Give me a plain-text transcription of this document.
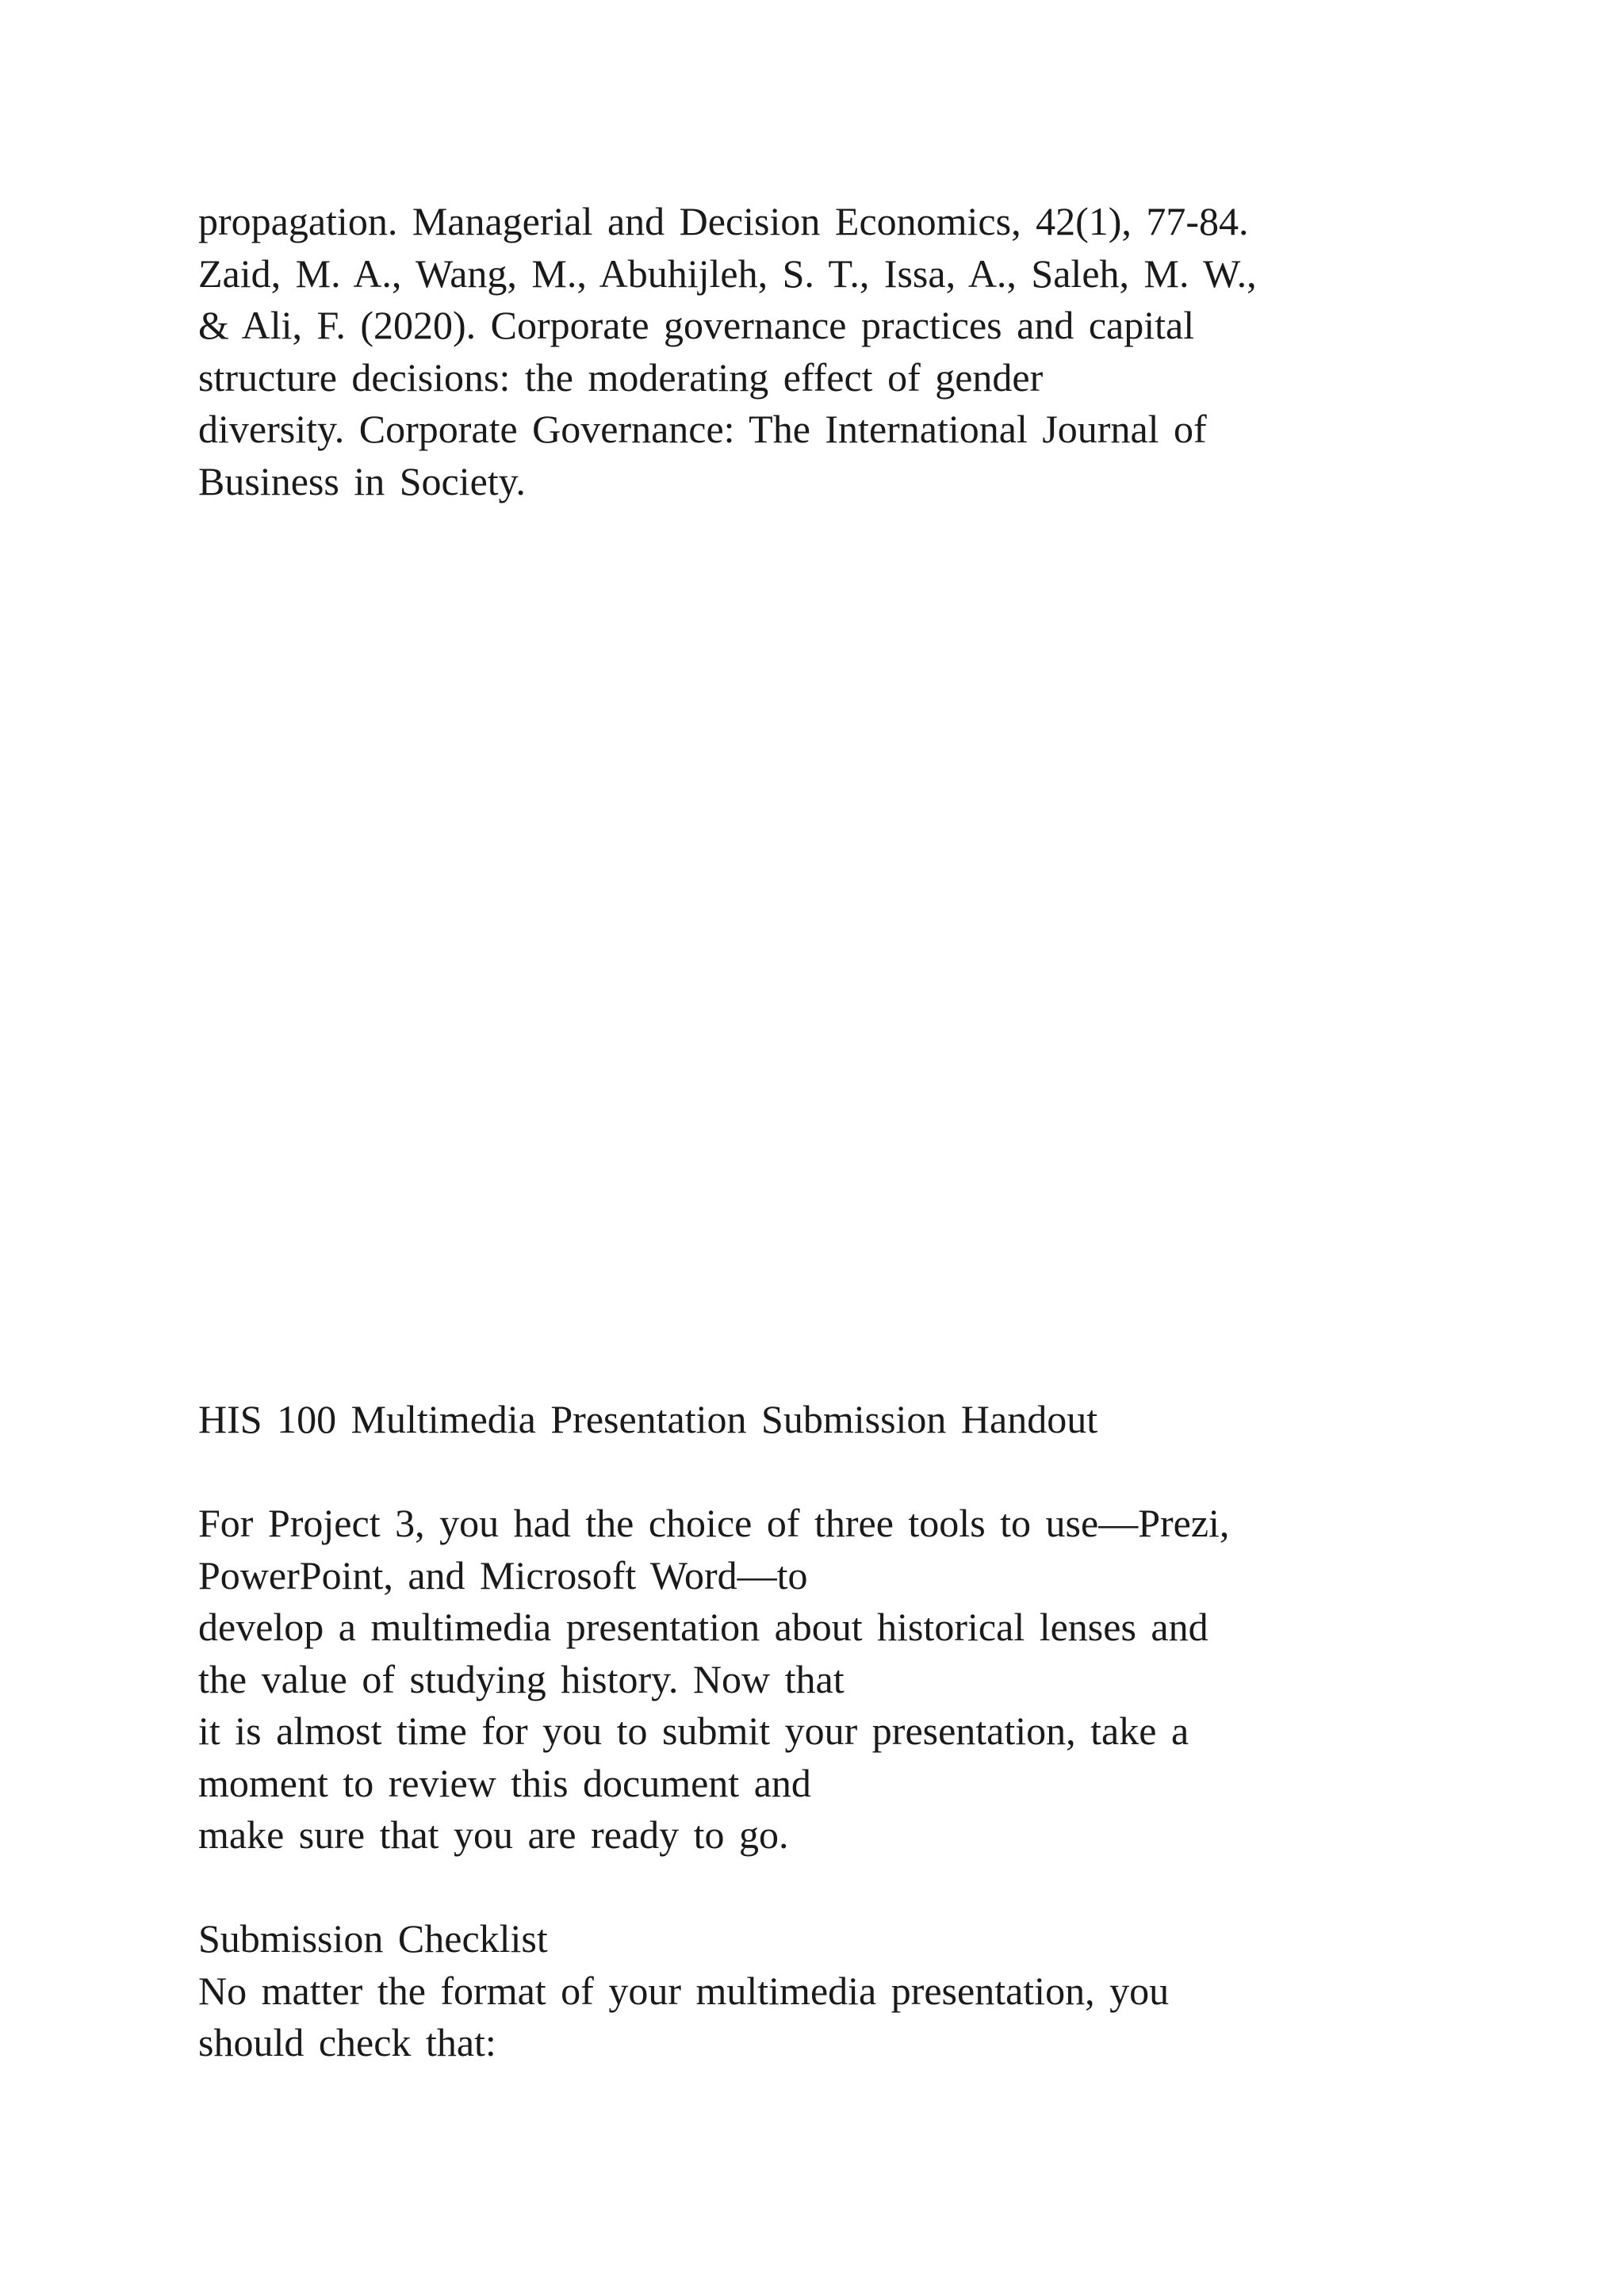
propagation. Managerial and Decision Economics, 42(1), 77-84.
Zaid, M. A., Wang, M., Abuhijleh, S. T., Issa, A., Saleh, M. W.,
& Ali, F. (2020). Corporate governance practices and capital
structure decisions: the moderating effect of gender
diversity. Corporate Governance: The International Journal of
Business in Society.
HIS 100 Multimedia Presentation Submission Handout
For Project 3, you had the choice of three tools to use—Prezi,
PowerPoint, and Microsoft Word—to
develop a multimedia presentation about historical lenses and
the value of studying history. Now that
it is almost time for you to submit your presentation, take a
moment to review this document and
make sure that you are ready to go.
Submission Checklist
No matter the format of your multimedia presentation, you
should check that:
